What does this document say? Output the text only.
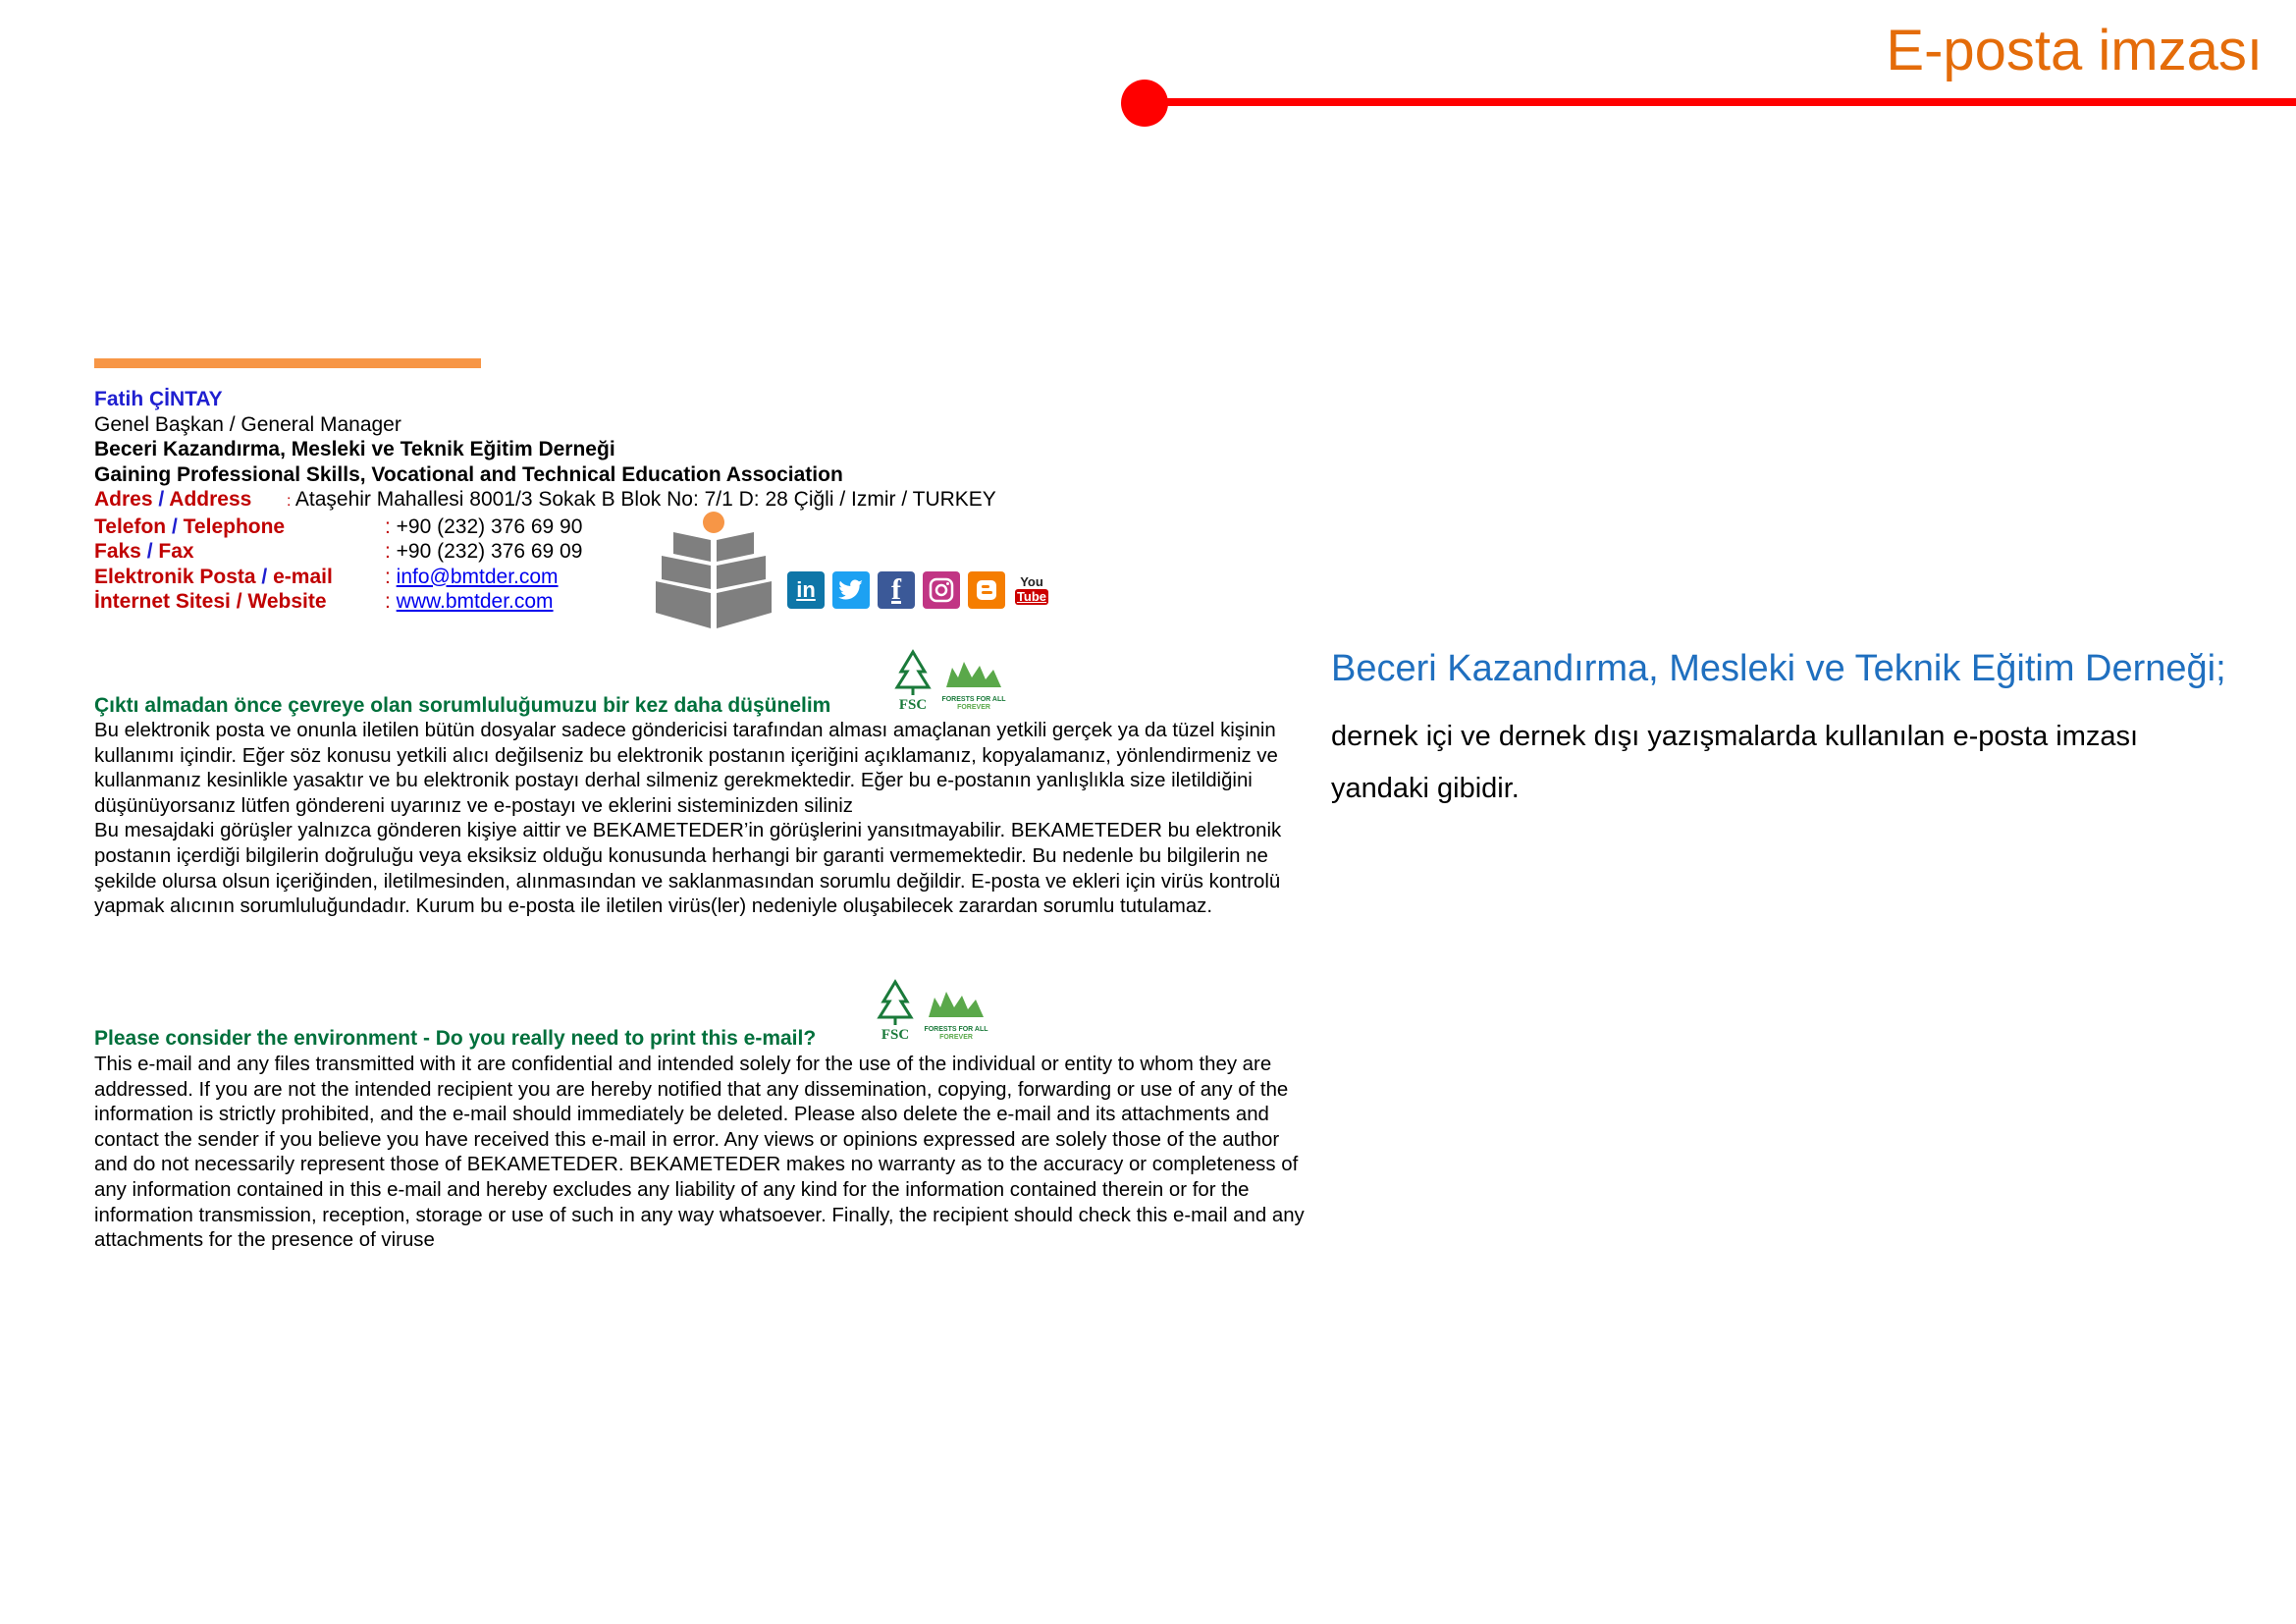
E-posta imzası
Fatih ÇİNTAY
Genel Başkan / General Manager
Beceri Kazandırma, Mesleki ve Teknik Eğitim Derneği
Gaining Professional Skills, Vocational and Technical Education Association
Adres / Address : Ataşehir Mahallesi 8001/3 Sokak B Blok No: 7/1 D: 28 Çiğli / Izmir / TURKEY
Telefon / Telephone	: +90 (232) 376 69 90
Faks / Fax	: +90 (232) 376 69 09
Elektronik Posta / e-mail	: info@bmtder.com
İnternet Sitesi / Website	: www.bmtder.com	in	f	You
Tube
FSC FORESTS FOR ALL
FOREVER
FSC FORESTS FOR ALL
FOREVER
Çıktı almadan önce çevreye olan sorumluluğumuzu bir kez daha düşünelim
Bu elektronik posta ve onunla iletilen bütün dosyalar sadece göndericisi tarafından alması amaçlanan yetkili gerçek ya da tüzel kişinin kullanımı içindir. Eğer söz konusu yetkili alıcı değilseniz bu elektronik postanın içeriğini açıklamanız, kopyalamanız, yönlendirmeniz ve kullanmanız kesinlikle yasaktır ve bu elektronik postayı derhal silmeniz gerekmektedir. Eğer bu e-postanın yanlışlıkla size iletildiğini düşünüyorsanız lütfen göndereni uyarınız ve e-postayı ve eklerini sisteminizden siliniz
Bu mesajdaki görüşler yalnızca gönderen kişiye aittir ve BEKAMETEDER’in görüşlerini yansıtmayabilir. BEKAMETEDER bu elektronik postanın içerdiği bilgilerin doğruluğu veya eksiksiz olduğu konusunda herhangi bir garanti vermemektedir. Bu nedenle bu bilgilerin ne şekilde olursa olsun içeriğinden, iletilmesinden, alınmasından ve saklanmasından sorumlu değildir. E-posta ve ekleri için virüs kontrolü yapmak alıcının sorumluluğundadır. Kurum bu e-posta ile iletilen virüs(ler) nedeniyle oluşabilecek zarardan sorumlu tutulamaz.
Please consider the environment - Do you really need to print this e-mail?
This e-mail and any files transmitted with it are confidential and intended solely for the use of the individual or entity to whom they are addressed. If you are not the intended recipient you are hereby notified that any dissemination, copying, forwarding or use of any of the information is strictly prohibited, and the e-mail should immediately be deleted. Please also delete the e-mail and its attachments and contact the sender if you believe you have received this e-mail in error. Any views or opinions expressed are solely those of the author and do not necessarily represent those of BEKAMETEDER. BEKAMETEDER makes no warranty as to the accuracy or completeness of any information contained in this e-mail and hereby excludes any liability of any kind for the information contained therein or for the information transmission, reception, storage or use of such in any way whatsoever. Finally, the recipient should check this e-mail and any attachments for the presence of viruse
Beceri Kazandırma, Mesleki ve Teknik Eğitim Derneği;
dernek içi ve dernek dışı yazışmalarda kullanılan e-posta imzası yandaki gibidir.
